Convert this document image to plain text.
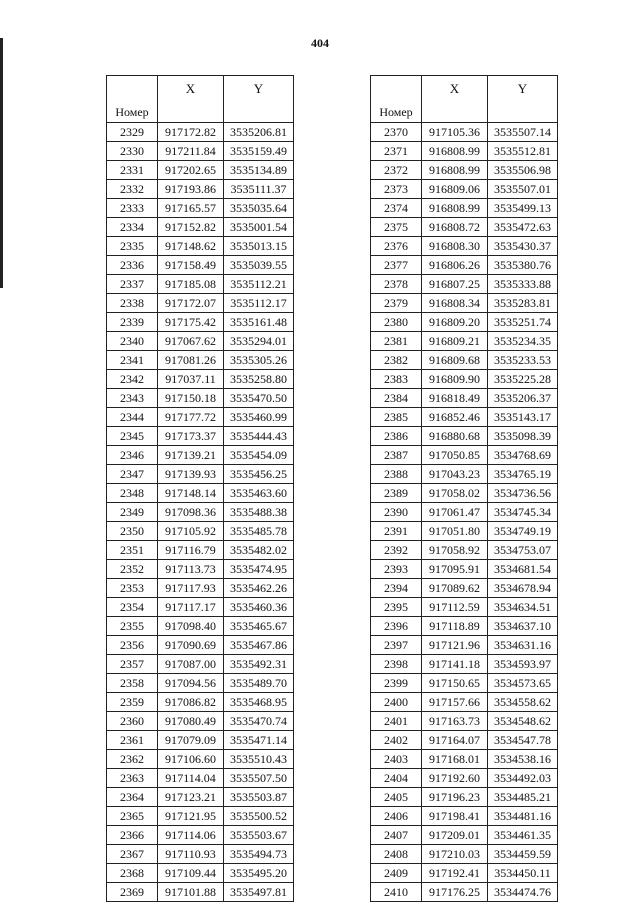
404
Номер	X	Y
2329	917172.82	3535206.81
2330	917211.84	3535159.49
2331	917202.65	3535134.89
2332	917193.86	3535111.37
2333	917165.57	3535035.64
2334	917152.82	3535001.54
2335	917148.62	3535013.15
2336	917158.49	3535039.55
2337	917185.08	3535112.21
2338	917172.07	3535112.17
2339	917175.42	3535161.48
2340	917067.62	3535294.01
2341	917081.26	3535305.26
2342	917037.11	3535258.80
2343	917150.18	3535470.50
2344	917177.72	3535460.99
2345	917173.37	3535444.43
2346	917139.21	3535454.09
2347	917139.93	3535456.25
2348	917148.14	3535463.60
2349	917098.36	3535488.38
2350	917105.92	3535485.78
2351	917116.79	3535482.02
2352	917113.73	3535474.95
2353	917117.93	3535462.26
2354	917117.17	3535460.36
2355	917098.40	3535465.67
2356	917090.69	3535467.86
2357	917087.00	3535492.31
2358	917094.56	3535489.70
2359	917086.82	3535468.95
2360	917080.49	3535470.74
2361	917079.09	3535471.14
2362	917106.60	3535510.43
2363	917114.04	3535507.50
2364	917123.21	3535503.87
2365	917121.95	3535500.52
2366	917114.06	3535503.67
2367	917110.93	3535494.73
2368	917109.44	3535495.20
2369	917101.88	3535497.81
Номер	X	Y
2370	917105.36	3535507.14
2371	916808.99	3535512.81
2372	916808.99	3535506.98
2373	916809.06	3535507.01
2374	916808.99	3535499.13
2375	916808.72	3535472.63
2376	916808.30	3535430.37
2377	916806.26	3535380.76
2378	916807.25	3535333.88
2379	916808.34	3535283.81
2380	916809.20	3535251.74
2381	916809.21	3535234.35
2382	916809.68	3535233.53
2383	916809.90	3535225.28
2384	916818.49	3535206.37
2385	916852.46	3535143.17
2386	916880.68	3535098.39
2387	917050.85	3534768.69
2388	917043.23	3534765.19
2389	917058.02	3534736.56
2390	917061.47	3534745.34
2391	917051.80	3534749.19
2392	917058.92	3534753.07
2393	917095.91	3534681.54
2394	917089.62	3534678.94
2395	917112.59	3534634.51
2396	917118.89	3534637.10
2397	917121.96	3534631.16
2398	917141.18	3534593.97
2399	917150.65	3534573.65
2400	917157.66	3534558.62
2401	917163.73	3534548.62
2402	917164.07	3534547.78
2403	917168.01	3534538.16
2404	917192.60	3534492.03
2405	917196.23	3534485.21
2406	917198.41	3534481.16
2407	917209.01	3534461.35
2408	917210.03	3534459.59
2409	917192.41	3534450.11
2410	917176.25	3534474.76
